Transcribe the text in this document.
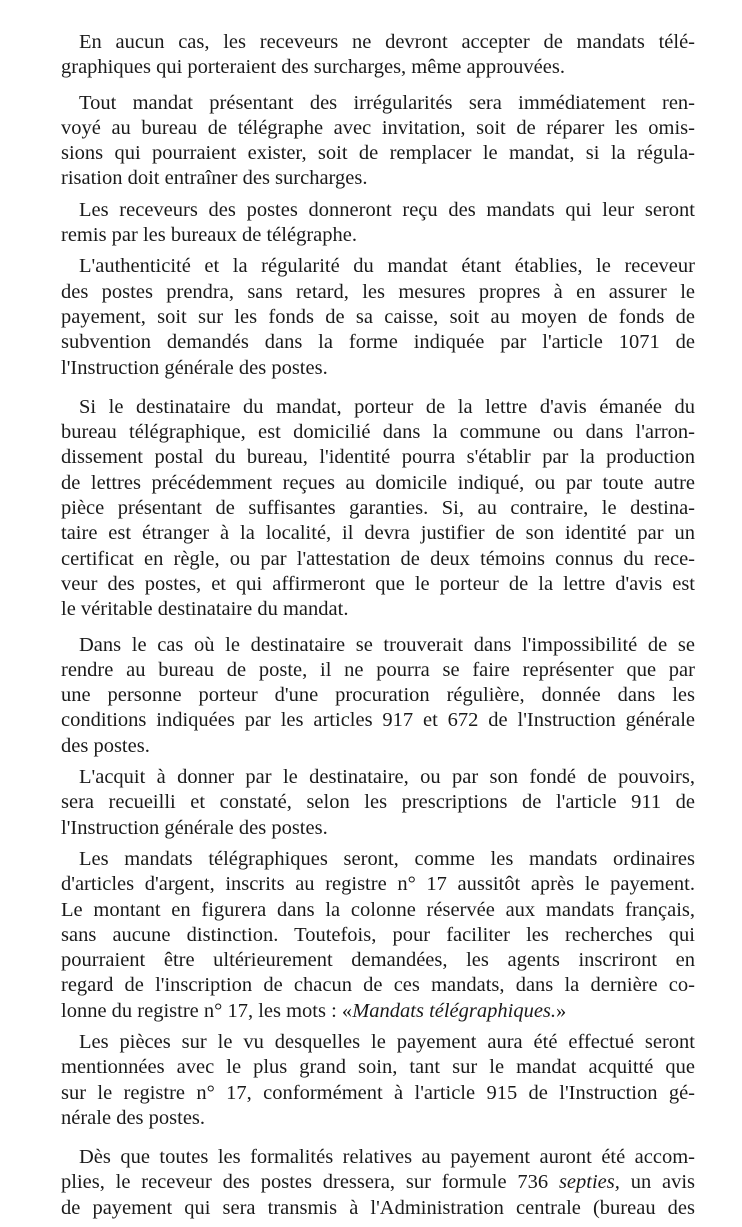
En aucun cas, les receveurs ne devront accepter de mandats télé-
graphiques qui porteraient des surcharges, même approuvées.

Tout mandat présentant des irrégularités sera immédiatement ren-
voyé au bureau de télégraphe avec invitation, soit de réparer les omis-
sions qui pourraient exister, soit de remplacer le mandat, si la régula-
risation doit entraîner des surcharges.

Les receveurs des postes donneront reçu des mandats qui leur seront
remis par les bureaux de télégraphe.

L'authenticité et la régularité du mandat étant établies, le receveur
des postes prendra, sans retard, les mesures propres à en assurer le
payement, soit sur les fonds de sa caisse, soit au moyen de fonds de
subvention demandés dans la forme indiquée par l'article 1071 de
l'Instruction générale des postes.

Si le destinataire du mandat, porteur de la lettre d'avis émanée du
bureau télégraphique, est domicilié dans la commune ou dans l'arron-
dissement postal du bureau, l'identité pourra s'établir par la production
de lettres précédemment reçues au domicile indiqué, ou par toute autre
pièce présentant de suffisantes garanties. Si, au contraire, le destina-
taire est étranger à la localité, il devra justifier de son identité par un
certificat en règle, ou par l'attestation de deux témoins connus du rece-
veur des postes, et qui affirmeront que le porteur de la lettre d'avis est
le véritable destinataire du mandat.

Dans le cas où le destinataire se trouverait dans l'impossibilité de se
rendre au bureau de poste, il ne pourra se faire représenter que par
une personne porteur d'une procuration régulière, donnée dans les
conditions indiquées par les articles 917 et 672 de l'Instruction générale
des postes.

L'acquit à donner par le destinataire, ou par son fondé de pouvoirs,
sera recueilli et constaté, selon les prescriptions de l'article 911 de
l'Instruction générale des postes.

Les mandats télégraphiques seront, comme les mandats ordinaires
d'articles d'argent, inscrits au registre n° 17 aussitôt après le payement.
Le montant en figurera dans la colonne réservée aux mandats français,
sans aucune distinction. Toutefois, pour faciliter les recherches qui
pourraient être ultérieurement demandées, les agents inscriront en
regard de l'inscription de chacun de ces mandats, dans la dernière co-
lonne du registre n° 17, les mots : «Mandats télégraphiques.»

Les pièces sur le vu desquelles le payement aura été effectué seront
mentionnées avec le plus grand soin, tant sur le mandat acquitté que
sur le registre n° 17, conformément à l'article 915 de l'Instruction gé-
nérale des postes.

Dès que toutes les formalités relatives au payement auront été accom-
plies, le receveur des postes dressera, sur formule 736 septies, un avis
de payement qui sera transmis à l'Administration centrale (bureau des
